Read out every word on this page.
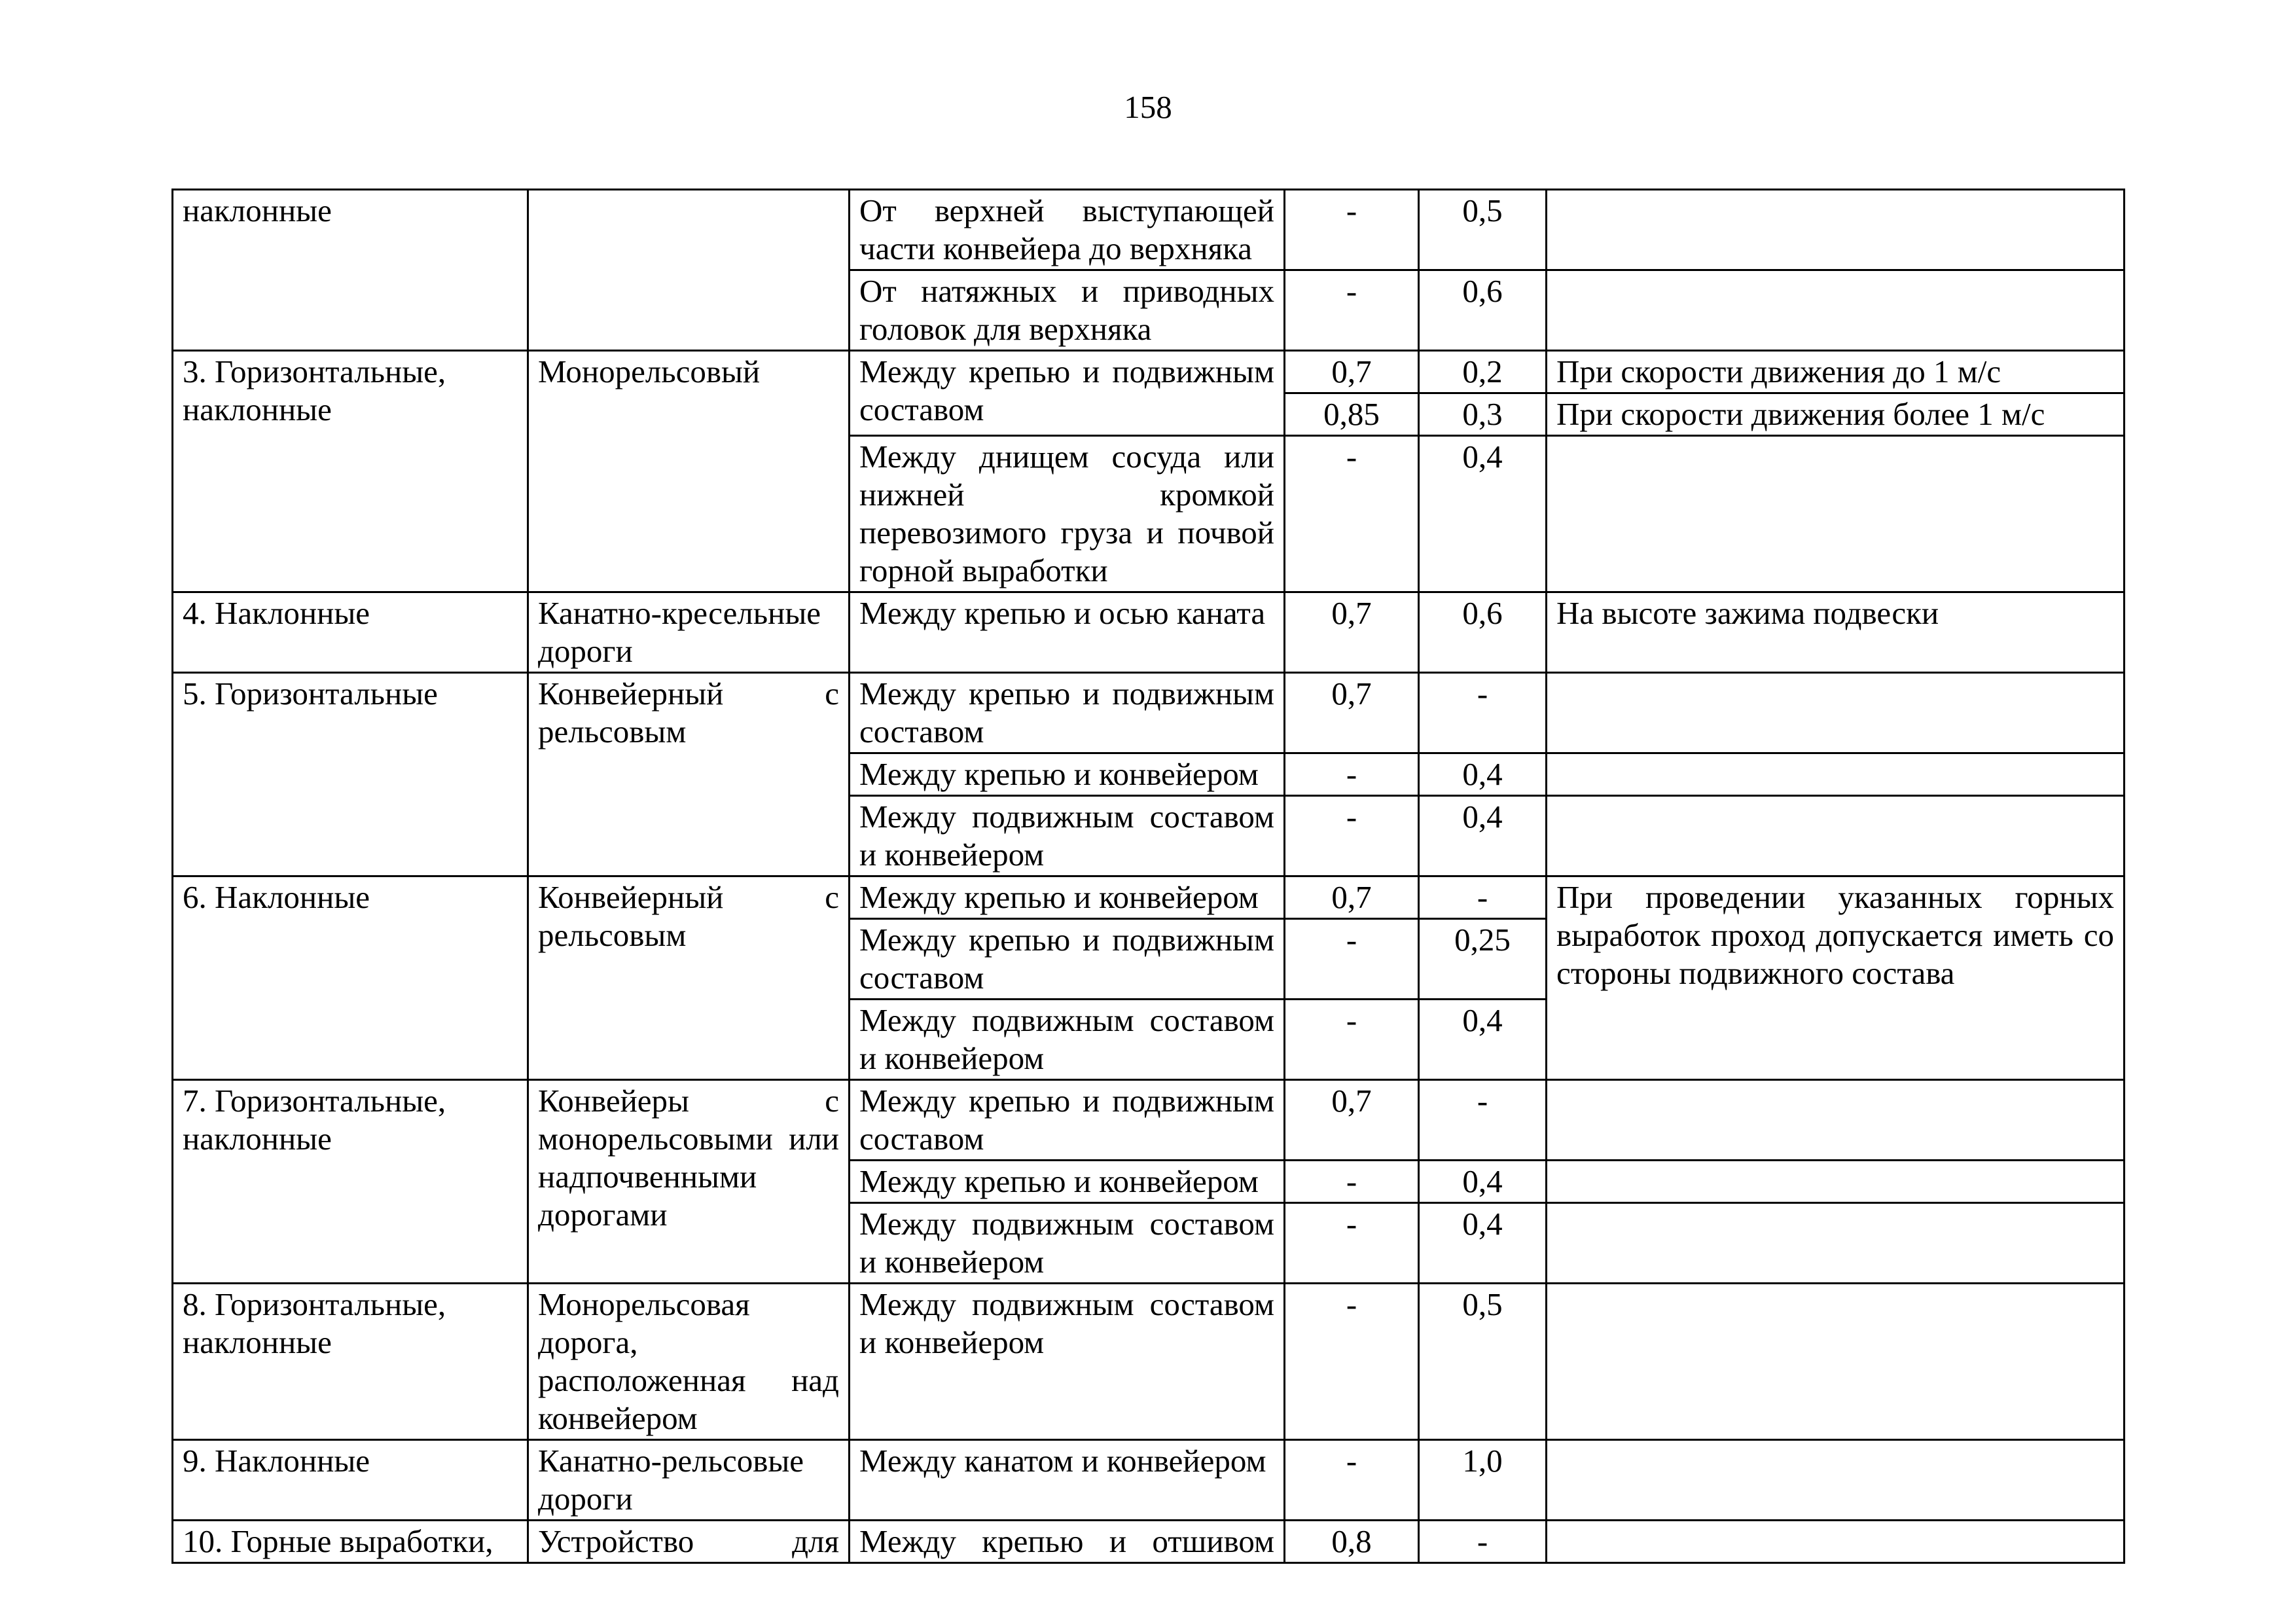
158
наклонные		От верхней выступающей части конвейера до верхняка	-	0,5	
		От натяжных и приводных головок для верхняка	-	0,6	
3. Горизонтальные, наклонные	Монорельсовый	Между крепью и подвижным составом	0,7	0,2	При скорости движения до 1 м/с
			0,85	0,3	При скорости движения более 1 м/с
		Между днищем сосуда или нижней кромкой перевозимого груза и почвой горной выработки	-	0,4	
4. Наклонные	Канатно-кресельные дороги	Между крепью и осью каната	0,7	0,6	На высоте зажима подвески
5. Горизонтальные	Конвейерный с рельсовым	Между крепью и подвижным составом	0,7	-	
		Между крепью и конвейером	-	0,4	
		Между подвижным составом и конвейером	-	0,4	
6. Наклонные	Конвейерный с рельсовым	Между крепью и конвейером	0,7	-	При проведении указанных горных выработок проход допускается иметь со стороны подвижного состава
		Между крепью и подвижным составом	-	0,25	
		Между подвижным составом и конвейером	-	0,4	
7. Горизонтальные, наклонные	Конвейеры с монорельсовыми или надпочвенными дорогами	Между крепью и подвижным составом	0,7	-	
		Между крепью и конвейером	-	0,4	
		Между подвижным составом и конвейером	-	0,4	
8. Горизонтальные, наклонные	Монорельсовая дорога, расположенная над конвейером	Между подвижным составом и конвейером	-	0,5	
9. Наклонные	Канатно-рельсовые дороги	Между канатом и конвейером	-	1,0	
10. Горные выработки,	Устройство для	Между крепью и отшивом	0,8	-	
